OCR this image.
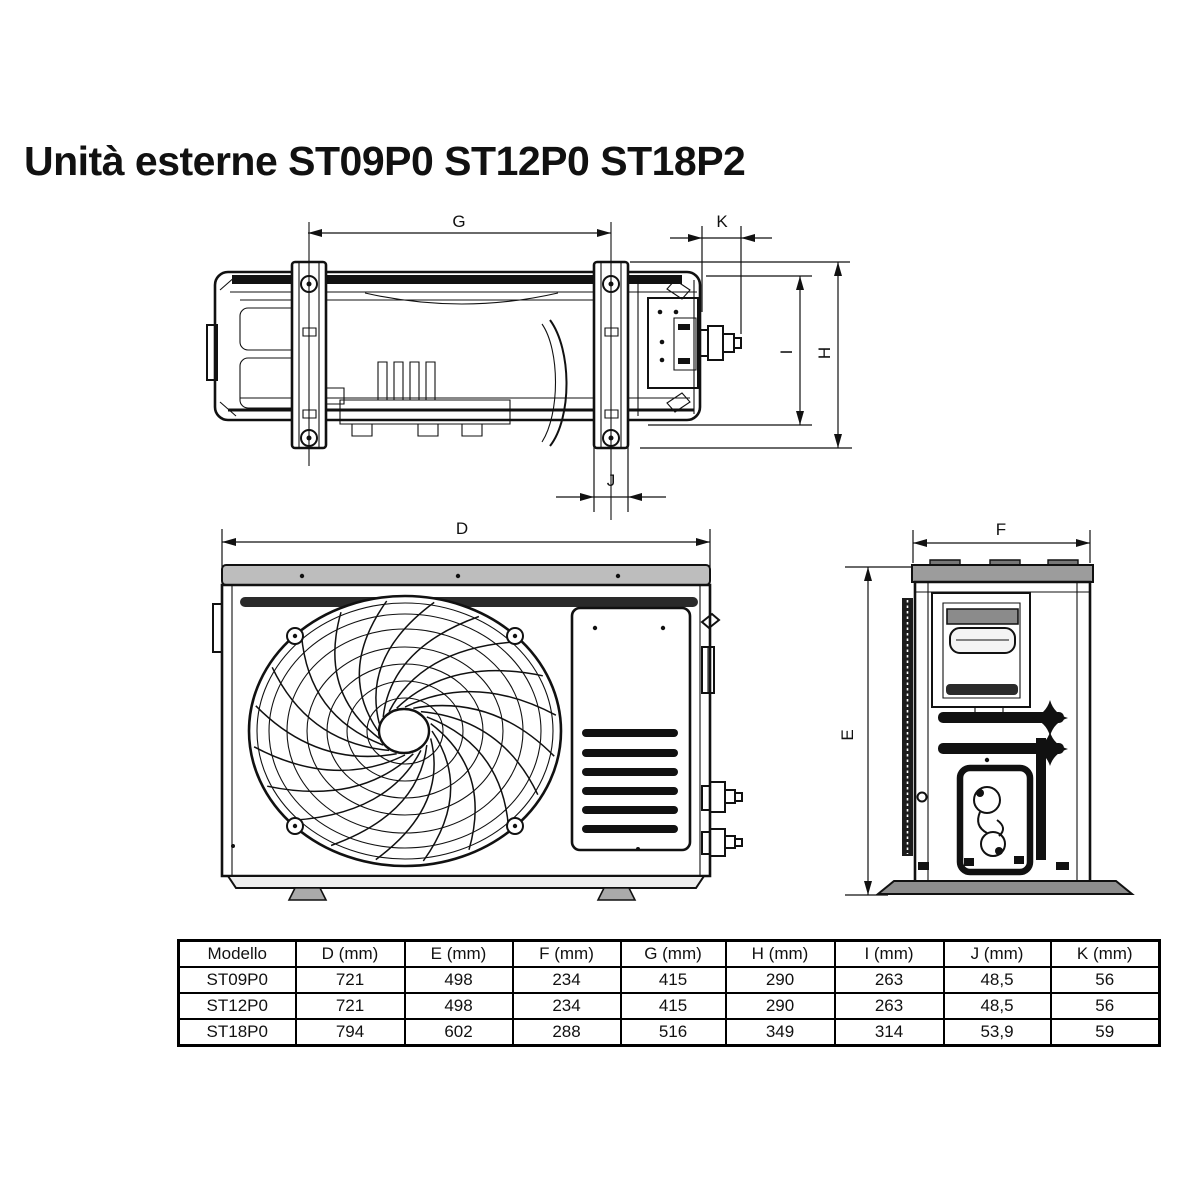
Unità esterne ST09P0 ST12P0 ST18P2
G	K
I H
J
D	F
E
Modello	D (mm)	E (mm)	F (mm)	G (mm)	H (mm)	I (mm)	J (mm)	K (mm)
ST09P0	721	498	234	415	290	263	48,5	56
ST12P0	721	498	234	415	290	263	48,5	56
ST18P0	794	602	288	516	349	314	53,9	59
